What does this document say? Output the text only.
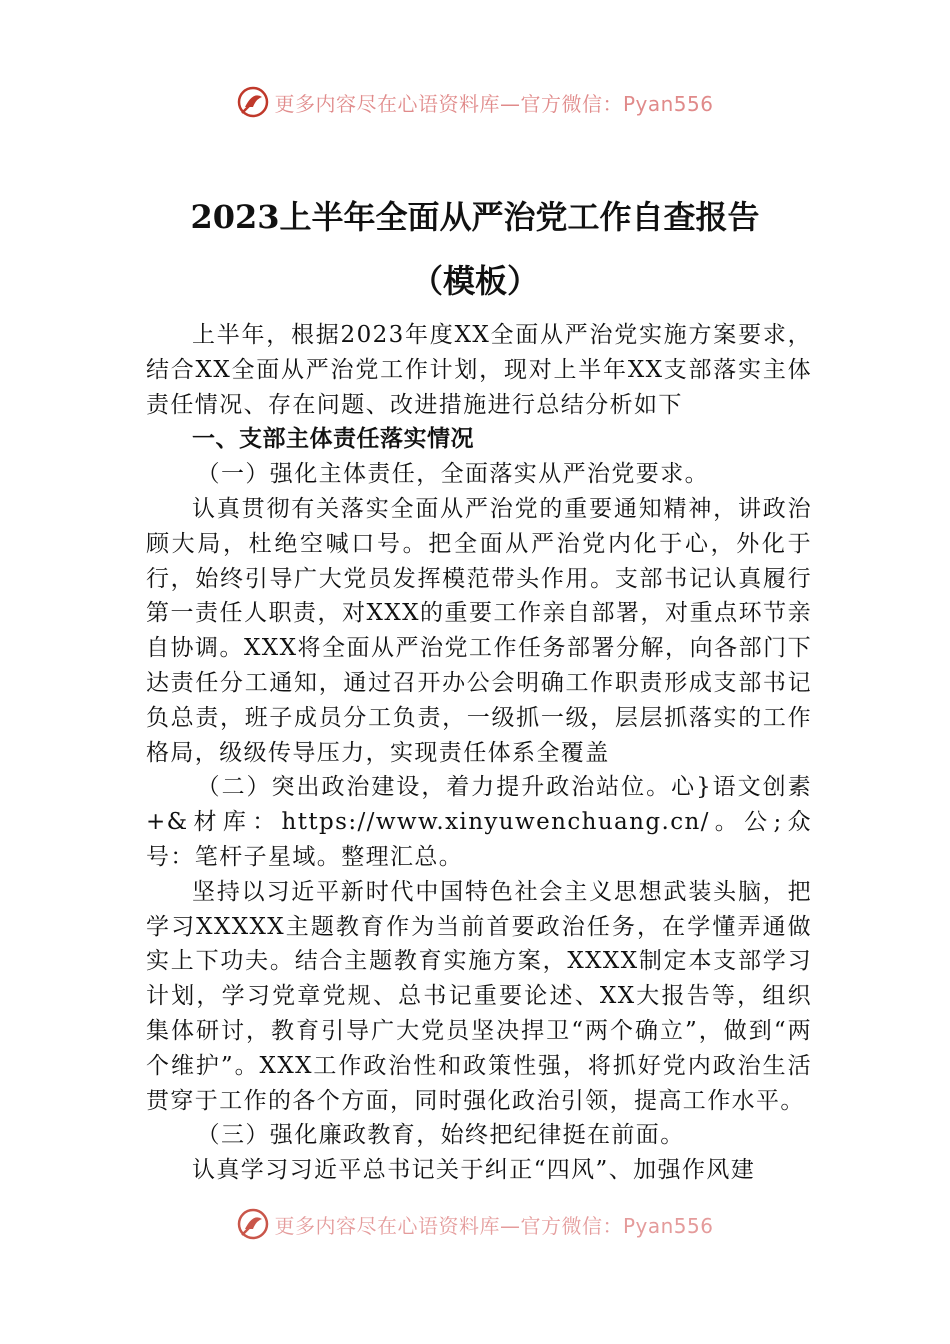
更多内容尽在心语资料库—官方微信：Pyan556
2023上半年全面从严治党工作自查报告
（模板）

上半年，根据2023年度XX全面从严治党实施方案要求，结合XX全面从严治党工作计划，现对上半年XX支部落实主体责任情况、存在问题、改进措施进行总结分析如下

一、支部主体责任落实情况

（一）强化主体责任，全面落实从严治党要求。

认真贯彻有关落实全面从严治党的重要通知精神，讲政治顾大局，杜绝空喊口号。把全面从严治党内化于心，外化于行，始终引导广大党员发挥模范带头作用。支部书记认真履行第一责任人职责，对XXX的重要工作亲自部署，对重点环节亲自协调。XXX将全面从严治党工作任务部署分解，向各部门下达责任分工通知，通过召开办公会明确工作职责形成支部书记负总责，班子成员分工负责，一级抓一级，层层抓落实的工作格局，级级传导压力，实现责任体系全覆盖

（二）突出政治建设，着力提升政治站位。心}语文创素+&材库：https://www.xinyuwenchuang.cn/。公;众号：笔杆子星域。整理汇总。

坚持以习近平新时代中国特色社会主义思想武装头脑，把学习XXXXX主题教育作为当前首要政治任务，在学懂弄通做实上下功夫。结合主题教育实施方案，XXXX制定本支部学习计划，学习党章党规、总书记重要论述、XX大报告等，组织集体研讨，教育引导广大党员坚决捍卫“两个确立”，做到“两个维护”。XXX工作政治性和政策性强，将抓好党内政治生活贯穿于工作的各个方面，同时强化政治引领，提高工作水平。

（三）强化廉政教育，始终把纪律挺在前面。

认真学习习近平总书记关于纠正“四风”、加强作风建

更多内容尽在心语资料库—官方微信：Pyan556
